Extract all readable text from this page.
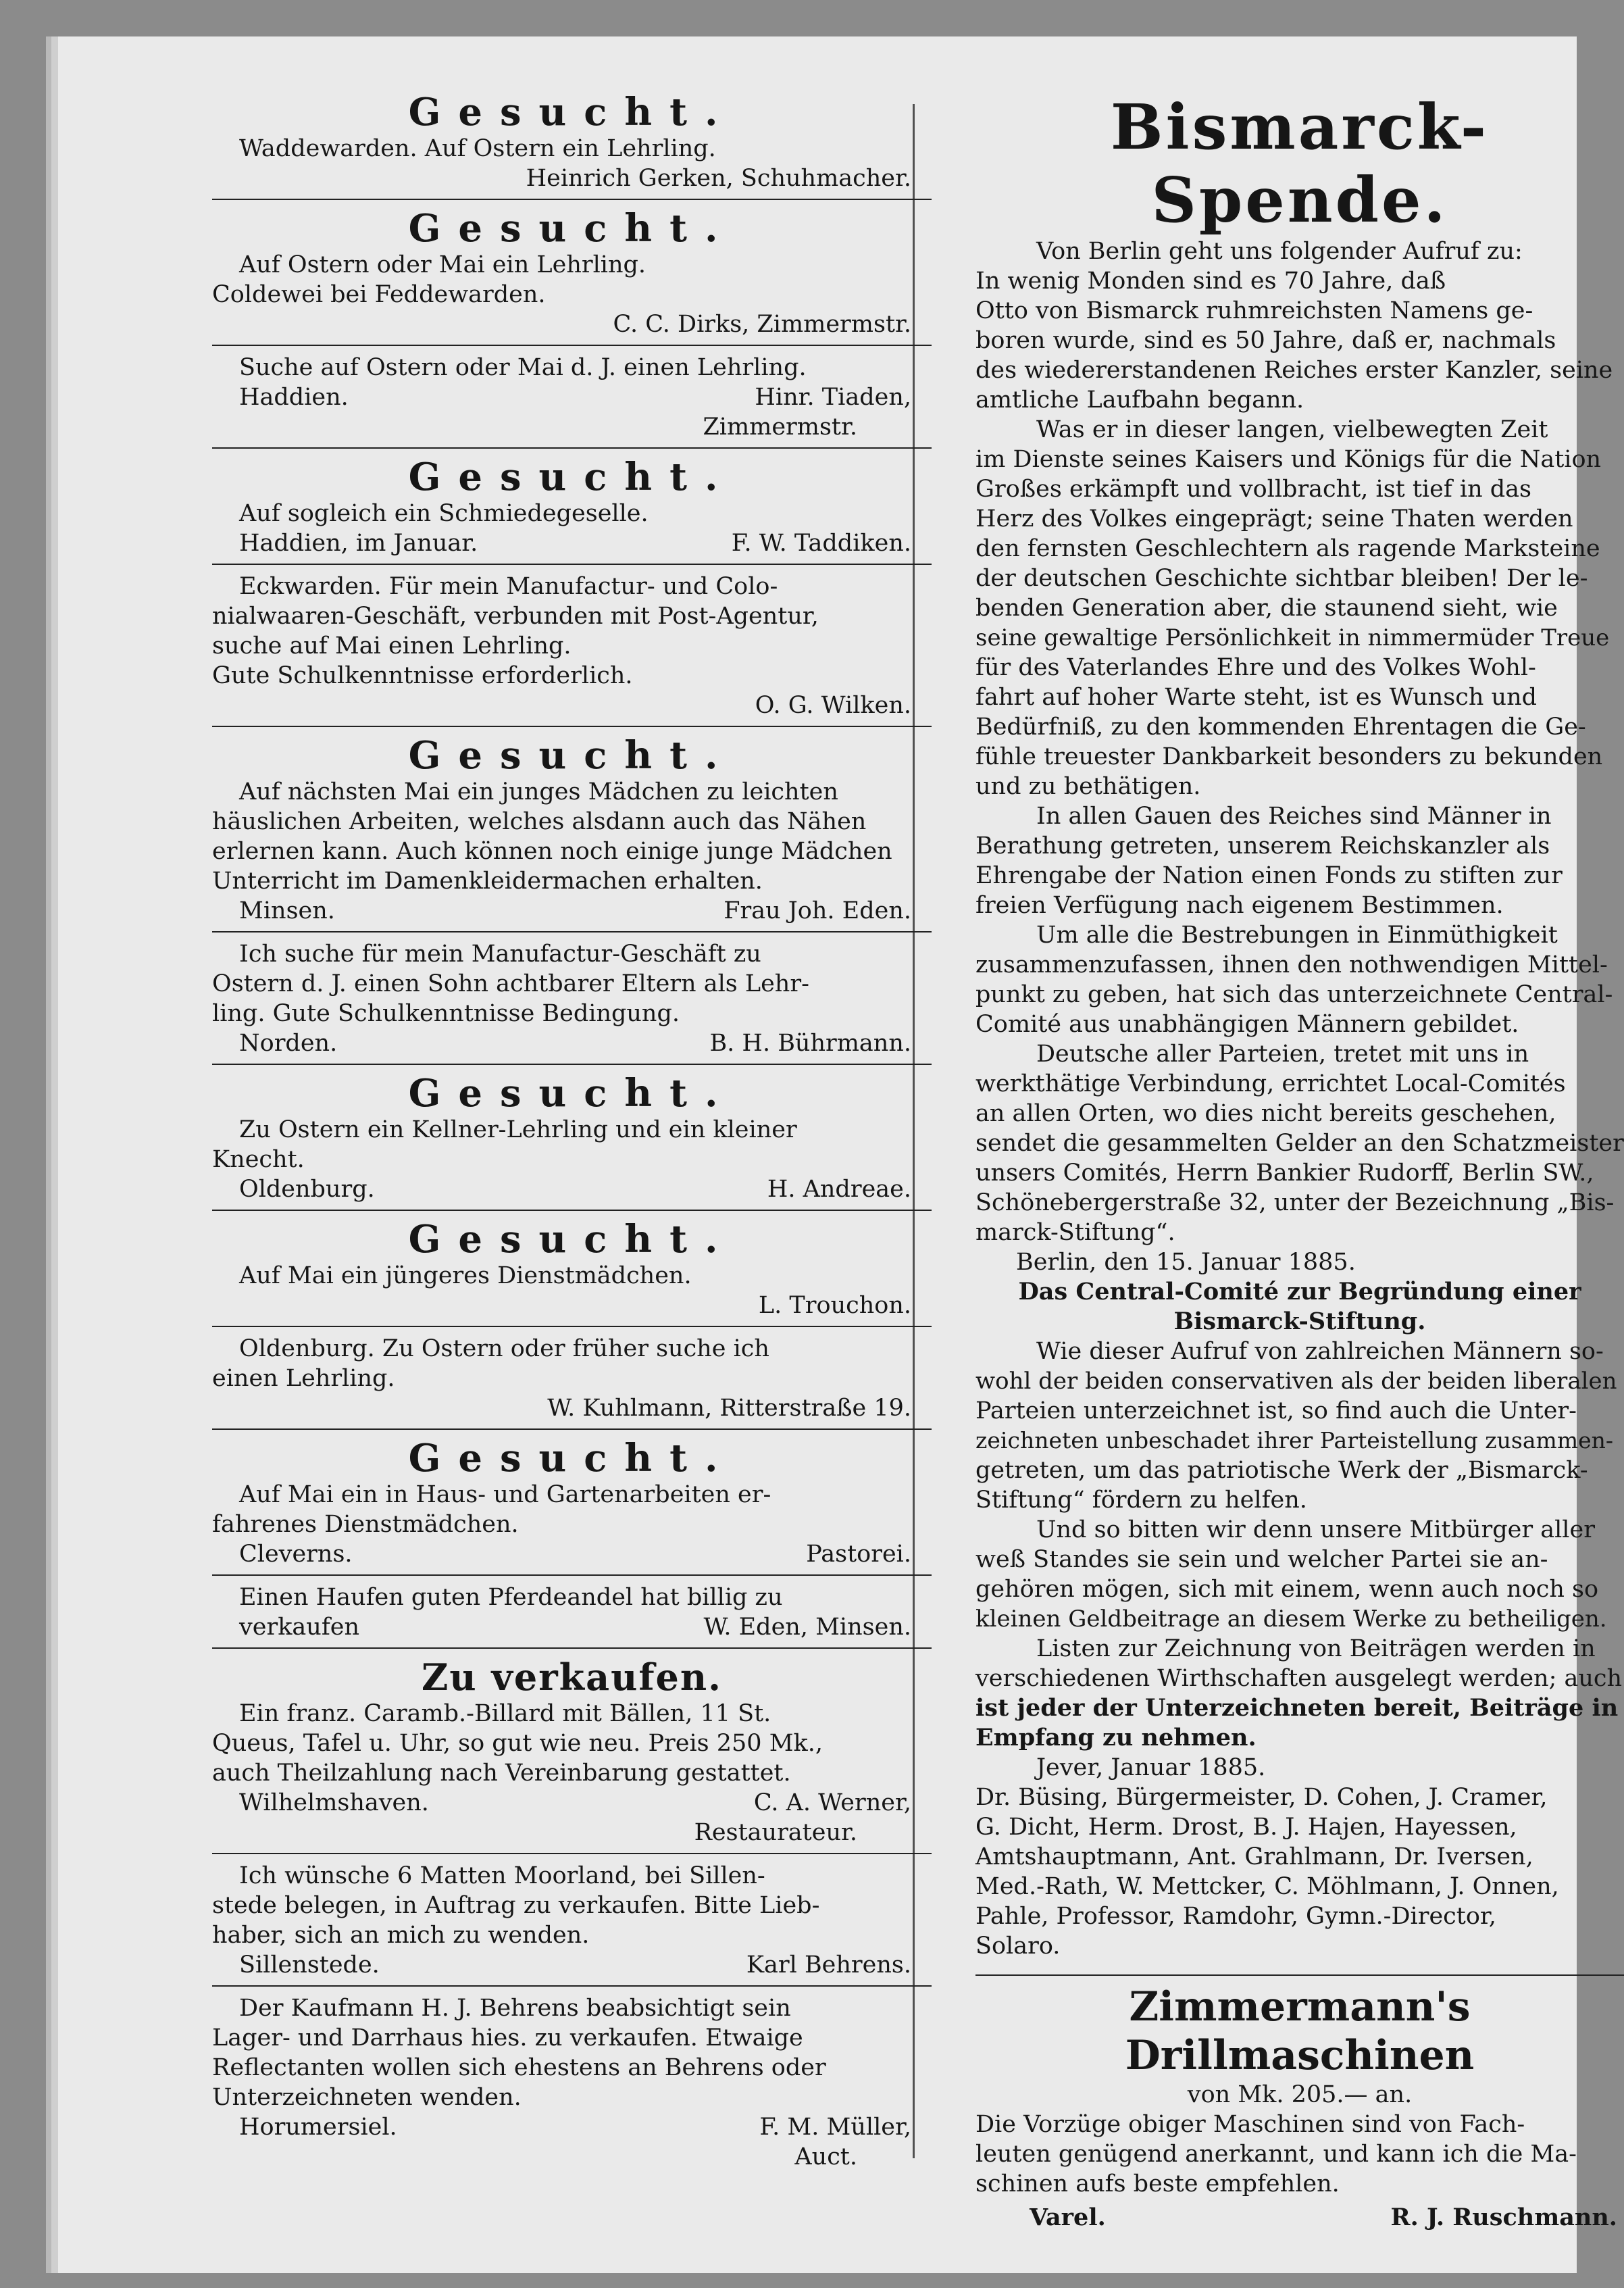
Gesucht.
Waddewarden. Auf Ostern ein Lehrling.
Heinrich Gerken, Schuhmacher.
Gesucht.
Auf Ostern oder Mai ein Lehrling.
Coldewei bei Feddewarden.
C. C. Dirks, Zimmermstr.
Suche auf Ostern oder Mai d. J. einen Lehrling.
Haddien.	Hinr. Tiaden,
Zimmermstr.
Gesucht.
Auf sogleich ein Schmiedegeselle.
Haddien, im Januar.	F. W. Taddiken.
Eckwarden. Für mein Manufactur- und Colo-
nialwaaren-Geschäft, verbunden mit Post-Agentur,
suche auf Mai einen Lehrling.
Gute Schulkenntnisse erforderlich.
O. G. Wilken.
Gesucht.
Auf nächsten Mai ein junges Mädchen zu leichten
häuslichen Arbeiten, welches alsdann auch das Nähen
erlernen kann. Auch können noch einige junge Mädchen
Unterricht im Damenkleidermachen erhalten.
Minsen.	Frau Joh. Eden.
Ich suche für mein Manufactur-Geschäft zu
Ostern d. J. einen Sohn achtbarer Eltern als Lehr-
ling. Gute Schulkenntnisse Bedingung.
Norden.	B. H. Bührmann.
Gesucht.
Zu Ostern ein Kellner-Lehrling und ein kleiner
Knecht.
Oldenburg.	H. Andreae.
Gesucht.
Auf Mai ein jüngeres Dienstmädchen.
L. Trouchon.
Oldenburg. Zu Ostern oder früher suche ich
einen Lehrling.
W. Kuhlmann, Ritterstraße 19.
Gesucht.
Auf Mai ein in Haus- und Gartenarbeiten er-
fahrenes Dienstmädchen.
Cleverns.	Pastorei.
Einen Haufen guten Pferdeandel hat billig zu
verkaufen	W. Eden, Minsen.
Zu verkaufen.
Ein franz. Caramb.-Billard mit Bällen, 11 St.
Queus, Tafel u. Uhr, so gut wie neu. Preis 250 Mk.,
auch Theilzahlung nach Vereinbarung gestattet.
Wilhelmshaven.	C. A. Werner,
Restaurateur.
Ich wünsche 6 Matten Moorland, bei Sillen-
stede belegen, in Auftrag zu verkaufen. Bitte Lieb-
haber, sich an mich zu wenden.
Sillenstede.	Karl Behrens.
Der Kaufmann H. J. Behrens beabsichtigt sein
Lager- und Darrhaus hies. zu verkaufen. Etwaige
Reflectanten wollen sich ehestens an Behrens oder
Unterzeichneten wenden.
Horumersiel.	F. M. Müller,
Auct.
Bismarck-Spende.
Von Berlin geht uns folgender Aufruf zu:
In wenig Monden sind es 70 Jahre, daß
Otto von Bismarck ruhmreichsten Namens ge-
boren wurde, sind es 50 Jahre, daß er, nachmals
des wiedererstandenen Reiches erster Kanzler, seine
amtliche Laufbahn begann.
Was er in dieser langen, vielbewegten Zeit
im Dienste seines Kaisers und Königs für die Nation
Großes erkämpft und vollbracht, ist tief in das
Herz des Volkes eingeprägt; seine Thaten werden
den fernsten Geschlechtern als ragende Marksteine
der deutschen Geschichte sichtbar bleiben! Der le-
benden Generation aber, die staunend sieht, wie
seine gewaltige Persönlichkeit in nimmermüder Treue
für des Vaterlandes Ehre und des Volkes Wohl-
fahrt auf hoher Warte steht, ist es Wunsch und
Bedürfniß, zu den kommenden Ehrentagen die Ge-
fühle treuester Dankbarkeit besonders zu bekunden
und zu bethätigen.
In allen Gauen des Reiches sind Männer in
Berathung getreten, unserem Reichskanzler als
Ehrengabe der Nation einen Fonds zu stiften zur
freien Verfügung nach eigenem Bestimmen.
Um alle die Bestrebungen in Einmüthigkeit
zusammenzufassen, ihnen den nothwendigen Mittel-
punkt zu geben, hat sich das unterzeichnete Central-
Comité aus unabhängigen Männern gebildet.
Deutsche aller Parteien, tretet mit uns in
werkthätige Verbindung, errichtet Local-Comités
an allen Orten, wo dies nicht bereits geschehen,
sendet die gesammelten Gelder an den Schatzmeister
unsers Comités, Herrn Bankier Rudorff, Berlin SW.,
Schönebergerstraße 32, unter der Bezeichnung „Bis-
marck-Stiftung“.
Berlin, den 15. Januar 1885.
Das Central-Comité zur Begründung einer
Bismarck-Stiftung.
Wie dieser Aufruf von zahlreichen Männern so-
wohl der beiden conservativen als der beiden liberalen
Parteien unterzeichnet ist, so find auch die Unter-
zeichneten unbeschadet ihrer Parteistellung zusammen-
getreten, um das patriotische Werk der „Bismarck-
Stiftung“ fördern zu helfen.
Und so bitten wir denn unsere Mitbürger aller
weß Standes sie sein und welcher Partei sie an-
gehören mögen, sich mit einem, wenn auch noch so
kleinen Geldbeitrage an diesem Werke zu betheiligen.
Listen zur Zeichnung von Beiträgen werden in
verschiedenen Wirthschaften ausgelegt werden; auch
ist jeder der Unterzeichneten bereit, Beiträge in
Empfang zu nehmen.
Jever, Januar 1885.
Dr. Büsing, Bürgermeister, D. Cohen, J. Cramer,
G. Dicht, Herm. Drost, B. J. Hajen, Hayessen,
Amtshauptmann, Ant. Grahlmann, Dr. Iversen,
Med.-Rath, W. Mettcker, C. Möhlmann, J. Onnen,
Pahle, Professor, Ramdohr, Gymn.-Director,
Solaro.
Zimmermann's Drillmaschinen
von Mk. 205.— an.
Die Vorzüge obiger Maschinen sind von Fach-
leuten genügend anerkannt, und kann ich die Ma-
schinen aufs beste empfehlen.
Varel.	R. J. Ruschmann.
